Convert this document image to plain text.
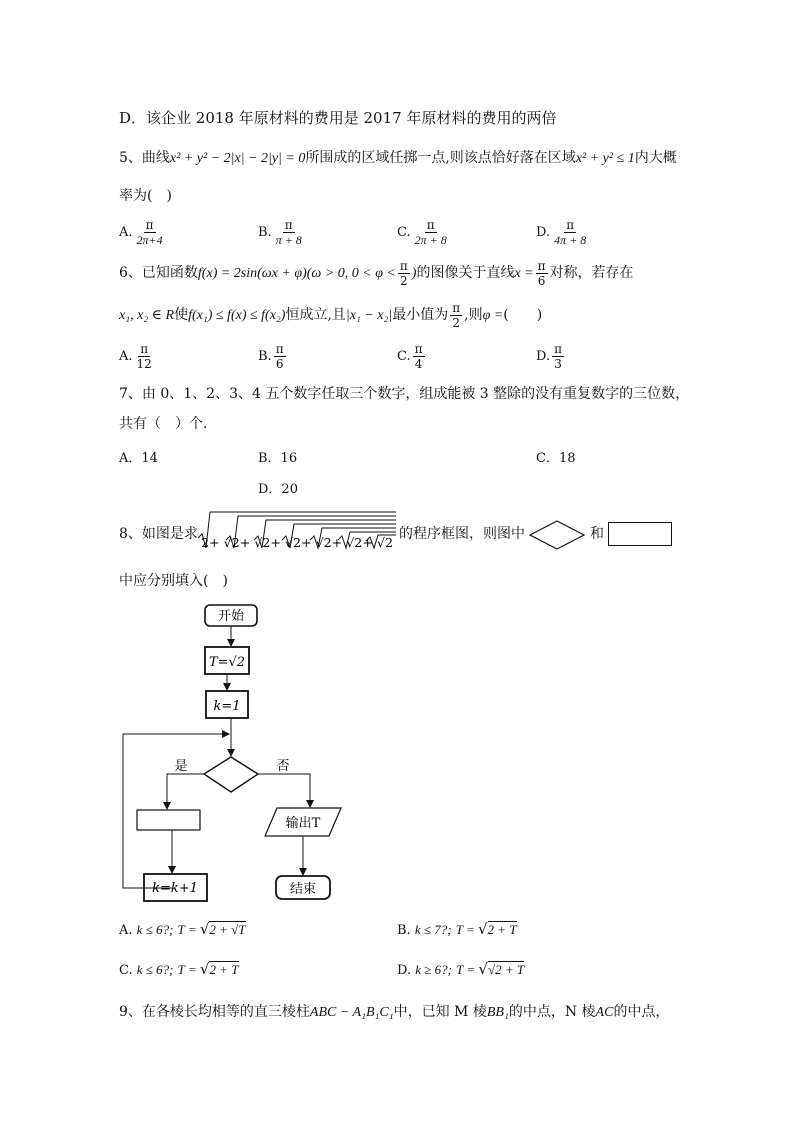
D．该企业 2018 年原材料的费用是 2017 年原材料的费用的两倍
5、曲线x² + y² − 2|x| − 2|y| = 0所围成的区域任掷一点,则该点恰好落在区域x² + y² ≤ 1内大概
率为(　)
A. $\frac{\pi}{2\pi+4}$	B. $\frac{\pi}{\pi + 8}$	C. $\frac{\pi}{2\pi + 8}$	D. $\frac{\pi}{4\pi + 8}$
6、已知函数f(x) = 2sin(ωx + φ)(ω > 0, $0 < \varphi < \frac{\pi}{2}$ )的图像关于直线$x = \frac{\pi}{6}$ 对称，若存在
x₁, x₂ ∈ R使f(x₁) ≤ f(x) ≤ f(x₂)恒成立,且|x₁ − x₂|最小值为 $\frac{\pi}{2}$ ,则φ =(　　)
A. $\frac{\pi}{12}$	B. $\frac{\pi}{6}$	C. $\frac{\pi}{4}$	D. $\frac{\pi}{3}$
7、由 0、1、2、3、4 五个数字任取三个数字，组成能被 3 整除的没有重复数字的三位数，
共有（　）个.
A．14	B．16	C．18
D．20
8、如图是求
2+ √2+ √2+ √2+ √2+ √2+ √2
的程序框图，则图中	和
中应分别填入(　)
开始
T=√2
k=1
是	否
k=k+1
输出T
结束
A. k ≤ 6?; T = √2 + √T	B. k ≤ 7?; T = √2 + T
C. k ≤ 6?; T = √2 + T	D. k ≥ 6?; T = √√2 + T
9、在各棱长均相等的直三棱柱ABC − A₁B₁C₁中，已知 M 棱BB₁的中点，N 棱AC的中点，
